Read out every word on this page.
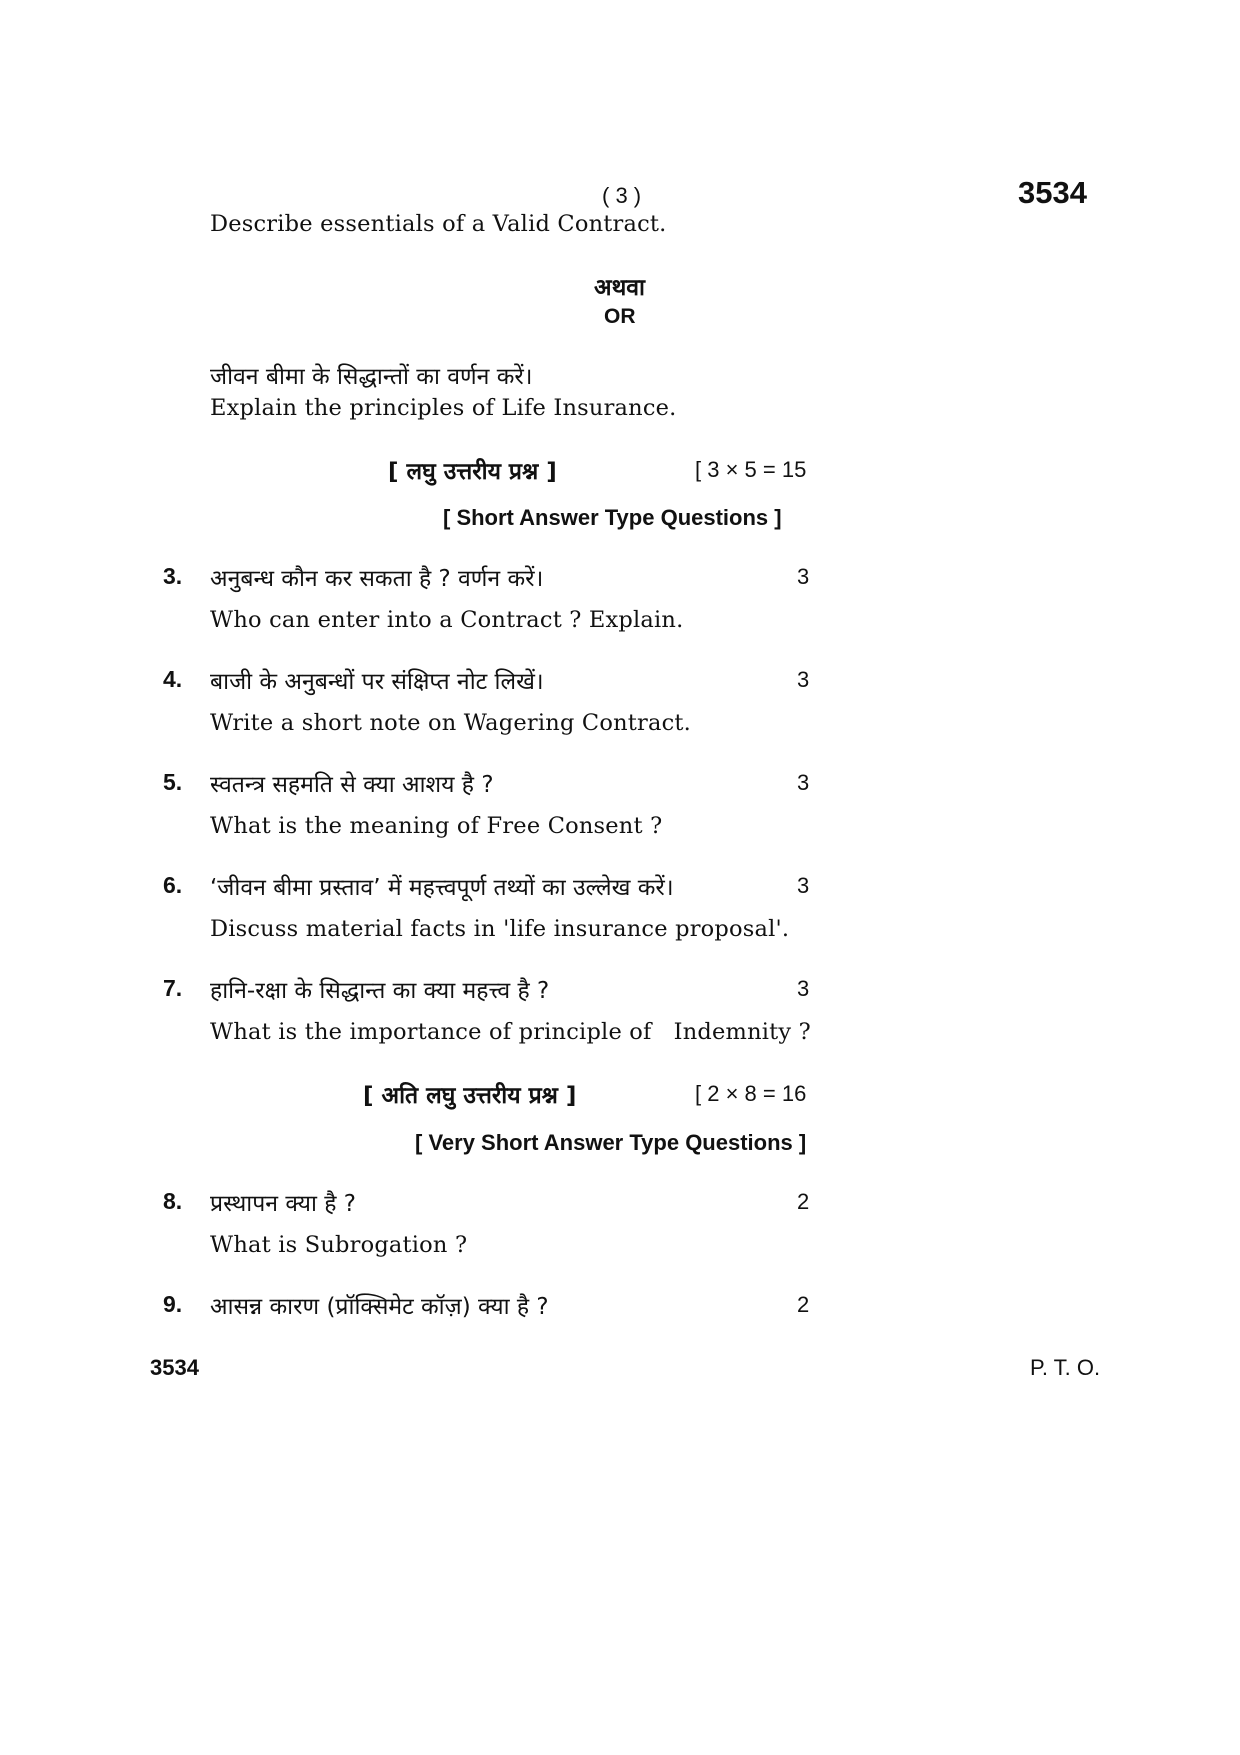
( 3 )	3534
Describe essentials of a Valid Contract.
अथवा
OR
जीवन बीमा के सिद्धान्तों का वर्णन करें।
Explain the principles of Life Insurance.
[ लघु उत्तरीय प्रश्न ]	[ 3 × 5 = 15
[ Short Answer Type Questions ]
3. अनुबन्ध कौन कर सकता है ? वर्णन करें।	3
Who can enter into a Contract ? Explain.
4. बाजी के अनुबन्धों पर संक्षिप्त नोट लिखें।	3
Write a short note on Wagering Contract.
5. स्वतन्त्र सहमति से क्या आशय है ?	3
What is the meaning of Free Consent ?
6. ‘जीवन बीमा प्रस्ताव’ में महत्त्वपूर्ण तथ्यों का उल्लेख करें।	3
Discuss material facts in 'life insurance proposal'.
7. हानि-रक्षा के सिद्धान्त का क्या महत्त्व है ?	3
What is the importance of principle of   Indemnity ?
[ अति लघु उत्तरीय प्रश्न ]	[ 2 × 8 = 16
[ Very Short Answer Type Questions ]
8. प्रस्थापन क्या है ?	2
What is Subrogation ?
9. आसन्न कारण (प्रॉक्सिमेट कॉज़) क्या है ?	2
3534	P. T. O.
